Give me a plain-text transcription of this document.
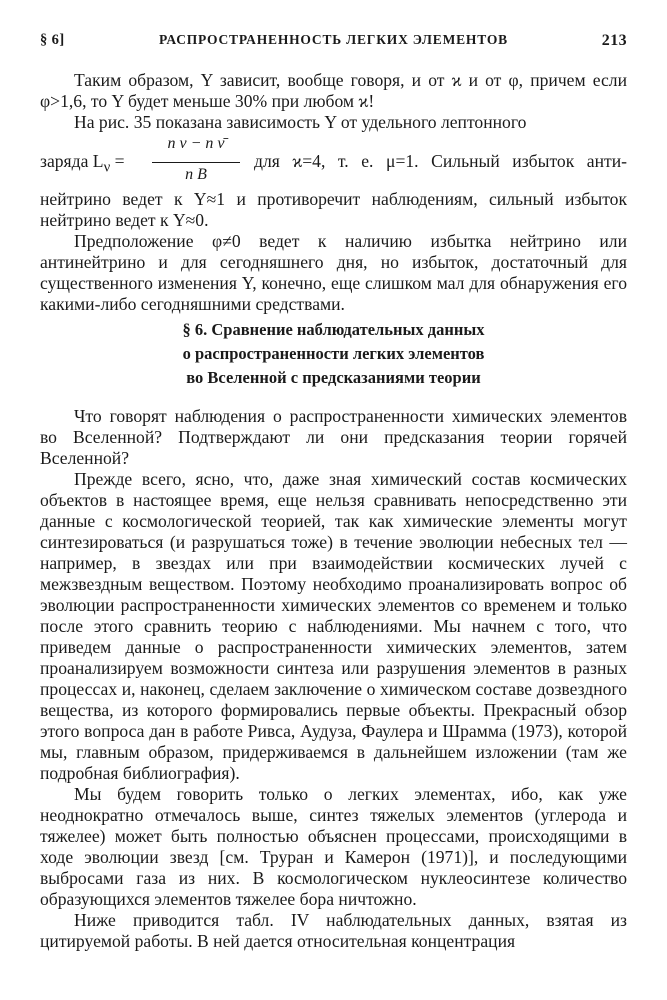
§ 6]	РАСПРОСТРАНЕННОСТЬ ЛЕГКИХ ЭЛЕМЕНТОВ	213

Таким образом, Y зависит, вообще говоря, и от ϰ и от φ, причем если φ>1,6, то Y будет меньше 30% при любом ϰ!

На рис. 35 показана зависимость Y от удельного лептонного

заряда $L_\nu$ =
n ν − n ν̄
n B
для ϰ=4, т. е. μ=1. Сильный избыток анти-

нейтрино ведет к Y≈1 и противоречит наблюдениям, сильный избыток нейтрино ведет к Y≈0.

Предположение φ≠0 ведет к наличию избытка нейтрино или антинейтрино и для сегодняшнего дня, но избыток, достаточный для существенного изменения Y, конечно, еще слишком мал для обнаружения его какими-либо сегодняшними средствами.

§ 6. Сравнение наблюдательных данных
о распространенности легких элементов
во Вселенной с предсказаниями теории

Что говорят наблюдения о распространенности химических элементов во Вселенной? Подтверждают ли они предсказания теории горячей Вселенной?

Прежде всего, ясно, что, даже зная химический состав космических объектов в настоящее время, еще нельзя сравнивать непосредственно эти данные с космологической теорией, так как химические элементы могут синтезироваться (и разрушаться тоже) в течение эволюции небесных тел — например, в звездах или при взаимодействии космических лучей с межзвездным веществом. Поэтому необходимо проанализировать вопрос об эволюции распространенности химических элементов со временем и только после этого сравнить теорию с наблюдениями. Мы начнем с того, что приведем данные о распространенности химических элементов, затем проанализируем возможности синтеза или разрушения элементов в разных процессах и, наконец, сделаем заключение о химическом составе дозвездного вещества, из которого формировались первые объекты. Прекрасный обзор этого вопроса дан в работе Ривса, Аудуза, Фаулера и Шрамма (1973), которой мы, главным образом, придерживаемся в дальнейшем изложении (там же подробная библиография).

Мы будем говорить только о легких элементах, ибо, как уже неоднократно отмечалось выше, синтез тяжелых элементов (углерода и тяжелее) может быть полностью объяснен процессами, происходящими в ходе эволюции звезд [см. Труран и Камерон (1971)], и последующими выбросами газа из них. В космологическом нуклеосинтезе количество образующихся элементов тяжелее бора ничтожно.

Ниже приводится табл. IV наблюдательных данных, взятая из цитируемой работы. В ней дается относительная концентрация
